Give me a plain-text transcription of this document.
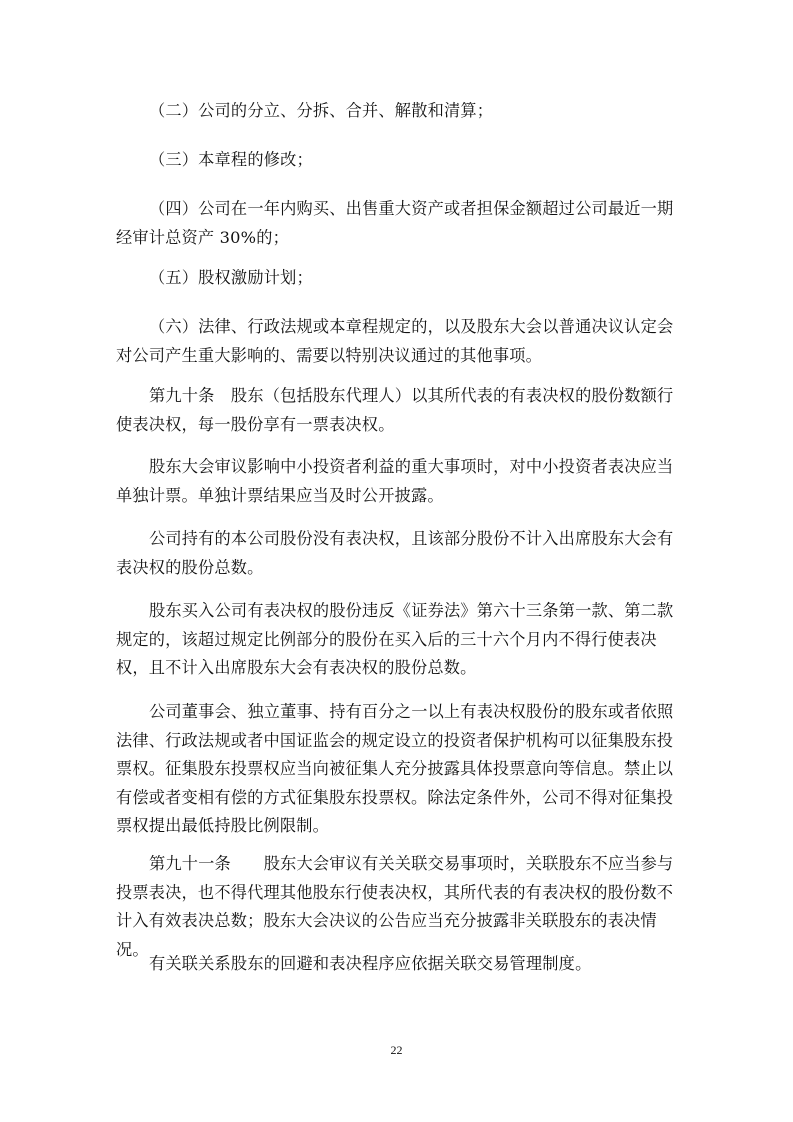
（二）公司的分立、分拆、合并、解散和清算；

（三）本章程的修改；

（四）公司在一年内购买、出售重大资产或者担保金额超过公司最近一期经审计总资产 30%的；

（五）股权激励计划；

（六）法律、行政法规或本章程规定的，以及股东大会以普通决议认定会对公司产生重大影响的、需要以特别决议通过的其他事项。

第九十条　股东（包括股东代理人）以其所代表的有表决权的股份数额行使表决权，每一股份享有一票表决权。

股东大会审议影响中小投资者利益的重大事项时，对中小投资者表决应当单独计票。单独计票结果应当及时公开披露。

公司持有的本公司股份没有表决权，且该部分股份不计入出席股东大会有表决权的股份总数。

股东买入公司有表决权的股份违反《证券法》第六十三条第一款、第二款规定的，该超过规定比例部分的股份在买入后的三十六个月内不得行使表决权，且不计入出席股东大会有表决权的股份总数。

公司董事会、独立董事、持有百分之一以上有表决权股份的股东或者依照法律、行政法规或者中国证监会的规定设立的投资者保护机构可以征集股东投票权。征集股东投票权应当向被征集人充分披露具体投票意向等信息。禁止以有偿或者变相有偿的方式征集股东投票权。除法定条件外，公司不得对征集投票权提出最低持股比例限制。

第九十一条　　股东大会审议有关关联交易事项时，关联股东不应当参与投票表决，也不得代理其他股东行使表决权，其所代表的有表决权的股份数不计入有效表决总数；股东大会决议的公告应当充分披露非关联股东的表决情况。

有关联关系股东的回避和表决程序应依据关联交易管理制度。

22
